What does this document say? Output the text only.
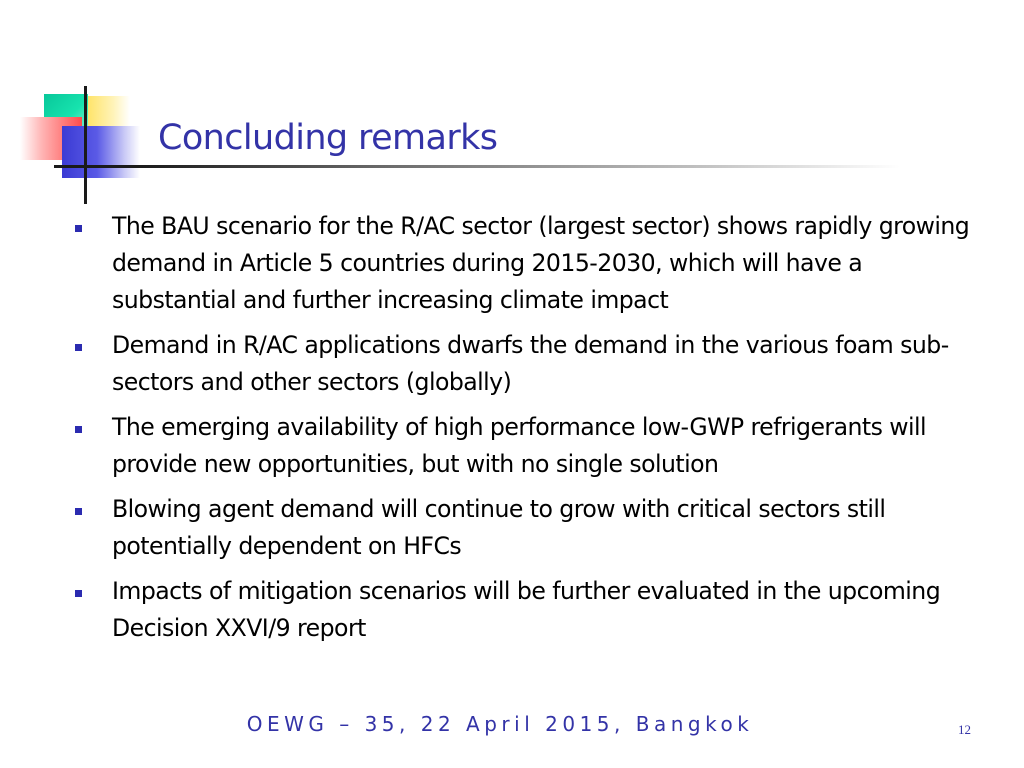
Concluding remarks
The BAU scenario for the R/AC sector (largest sector) shows rapidly growing demand in Article 5 countries during 2015-2030, which will have a substantial and further increasing climate impact
Demand in R/AC applications dwarfs the demand in the various foam sub-sectors and other sectors (globally)
The emerging availability of high performance low-GWP refrigerants will provide new opportunities, but with no single solution
Blowing agent demand will continue to grow with critical sectors still potentially dependent on HFCs
Impacts of mitigation scenarios will be further evaluated in the upcoming Decision XXVI/9 report
OEWG – 35, 22 April 2015, Bangkok	12
